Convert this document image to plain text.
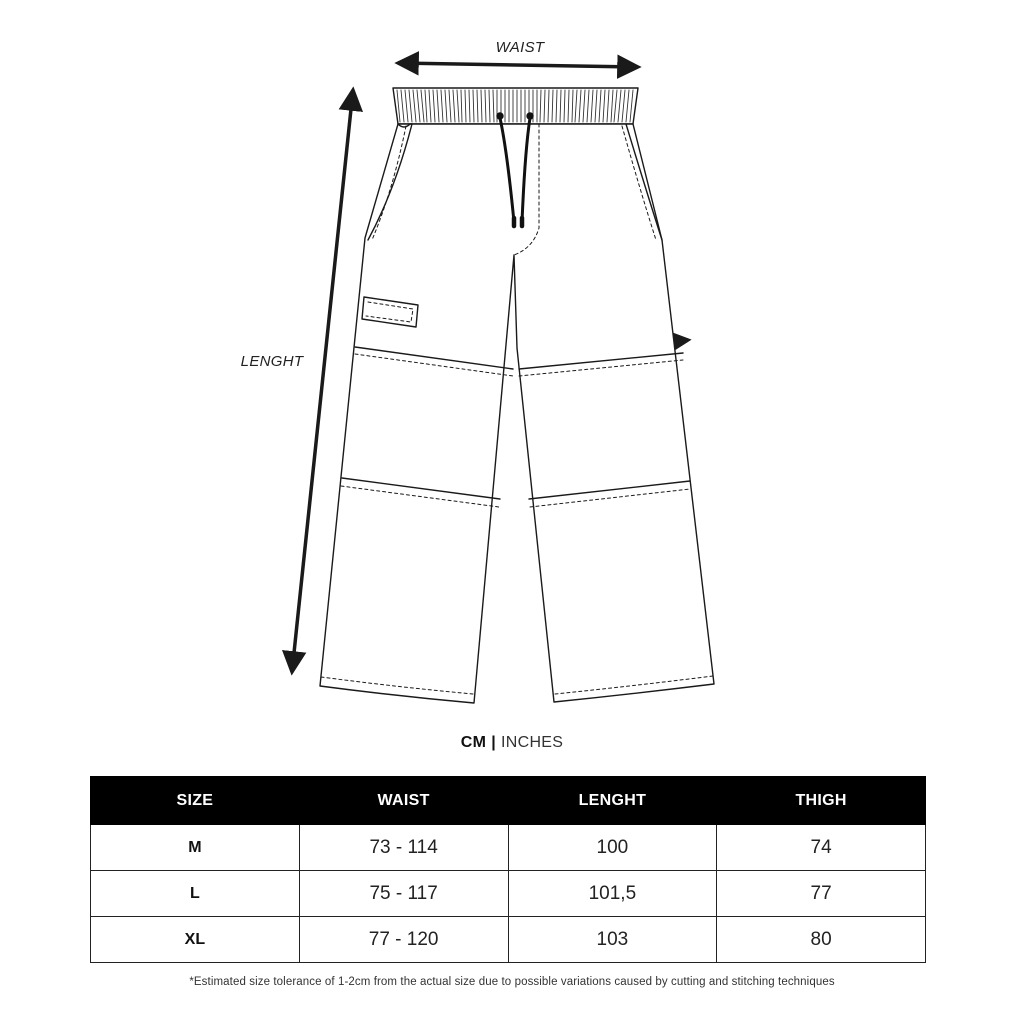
WAIST
LENGHT
CM | INCHES
SIZE	WAIST	LENGHT	THIGH
M	73 - 114	100	74
L	75 - 117	101,5	77
XL	77 - 120	103	80
*Estimated size tolerance of 1-2cm from the actual size due to possible variations caused by cutting and stitching techniques
